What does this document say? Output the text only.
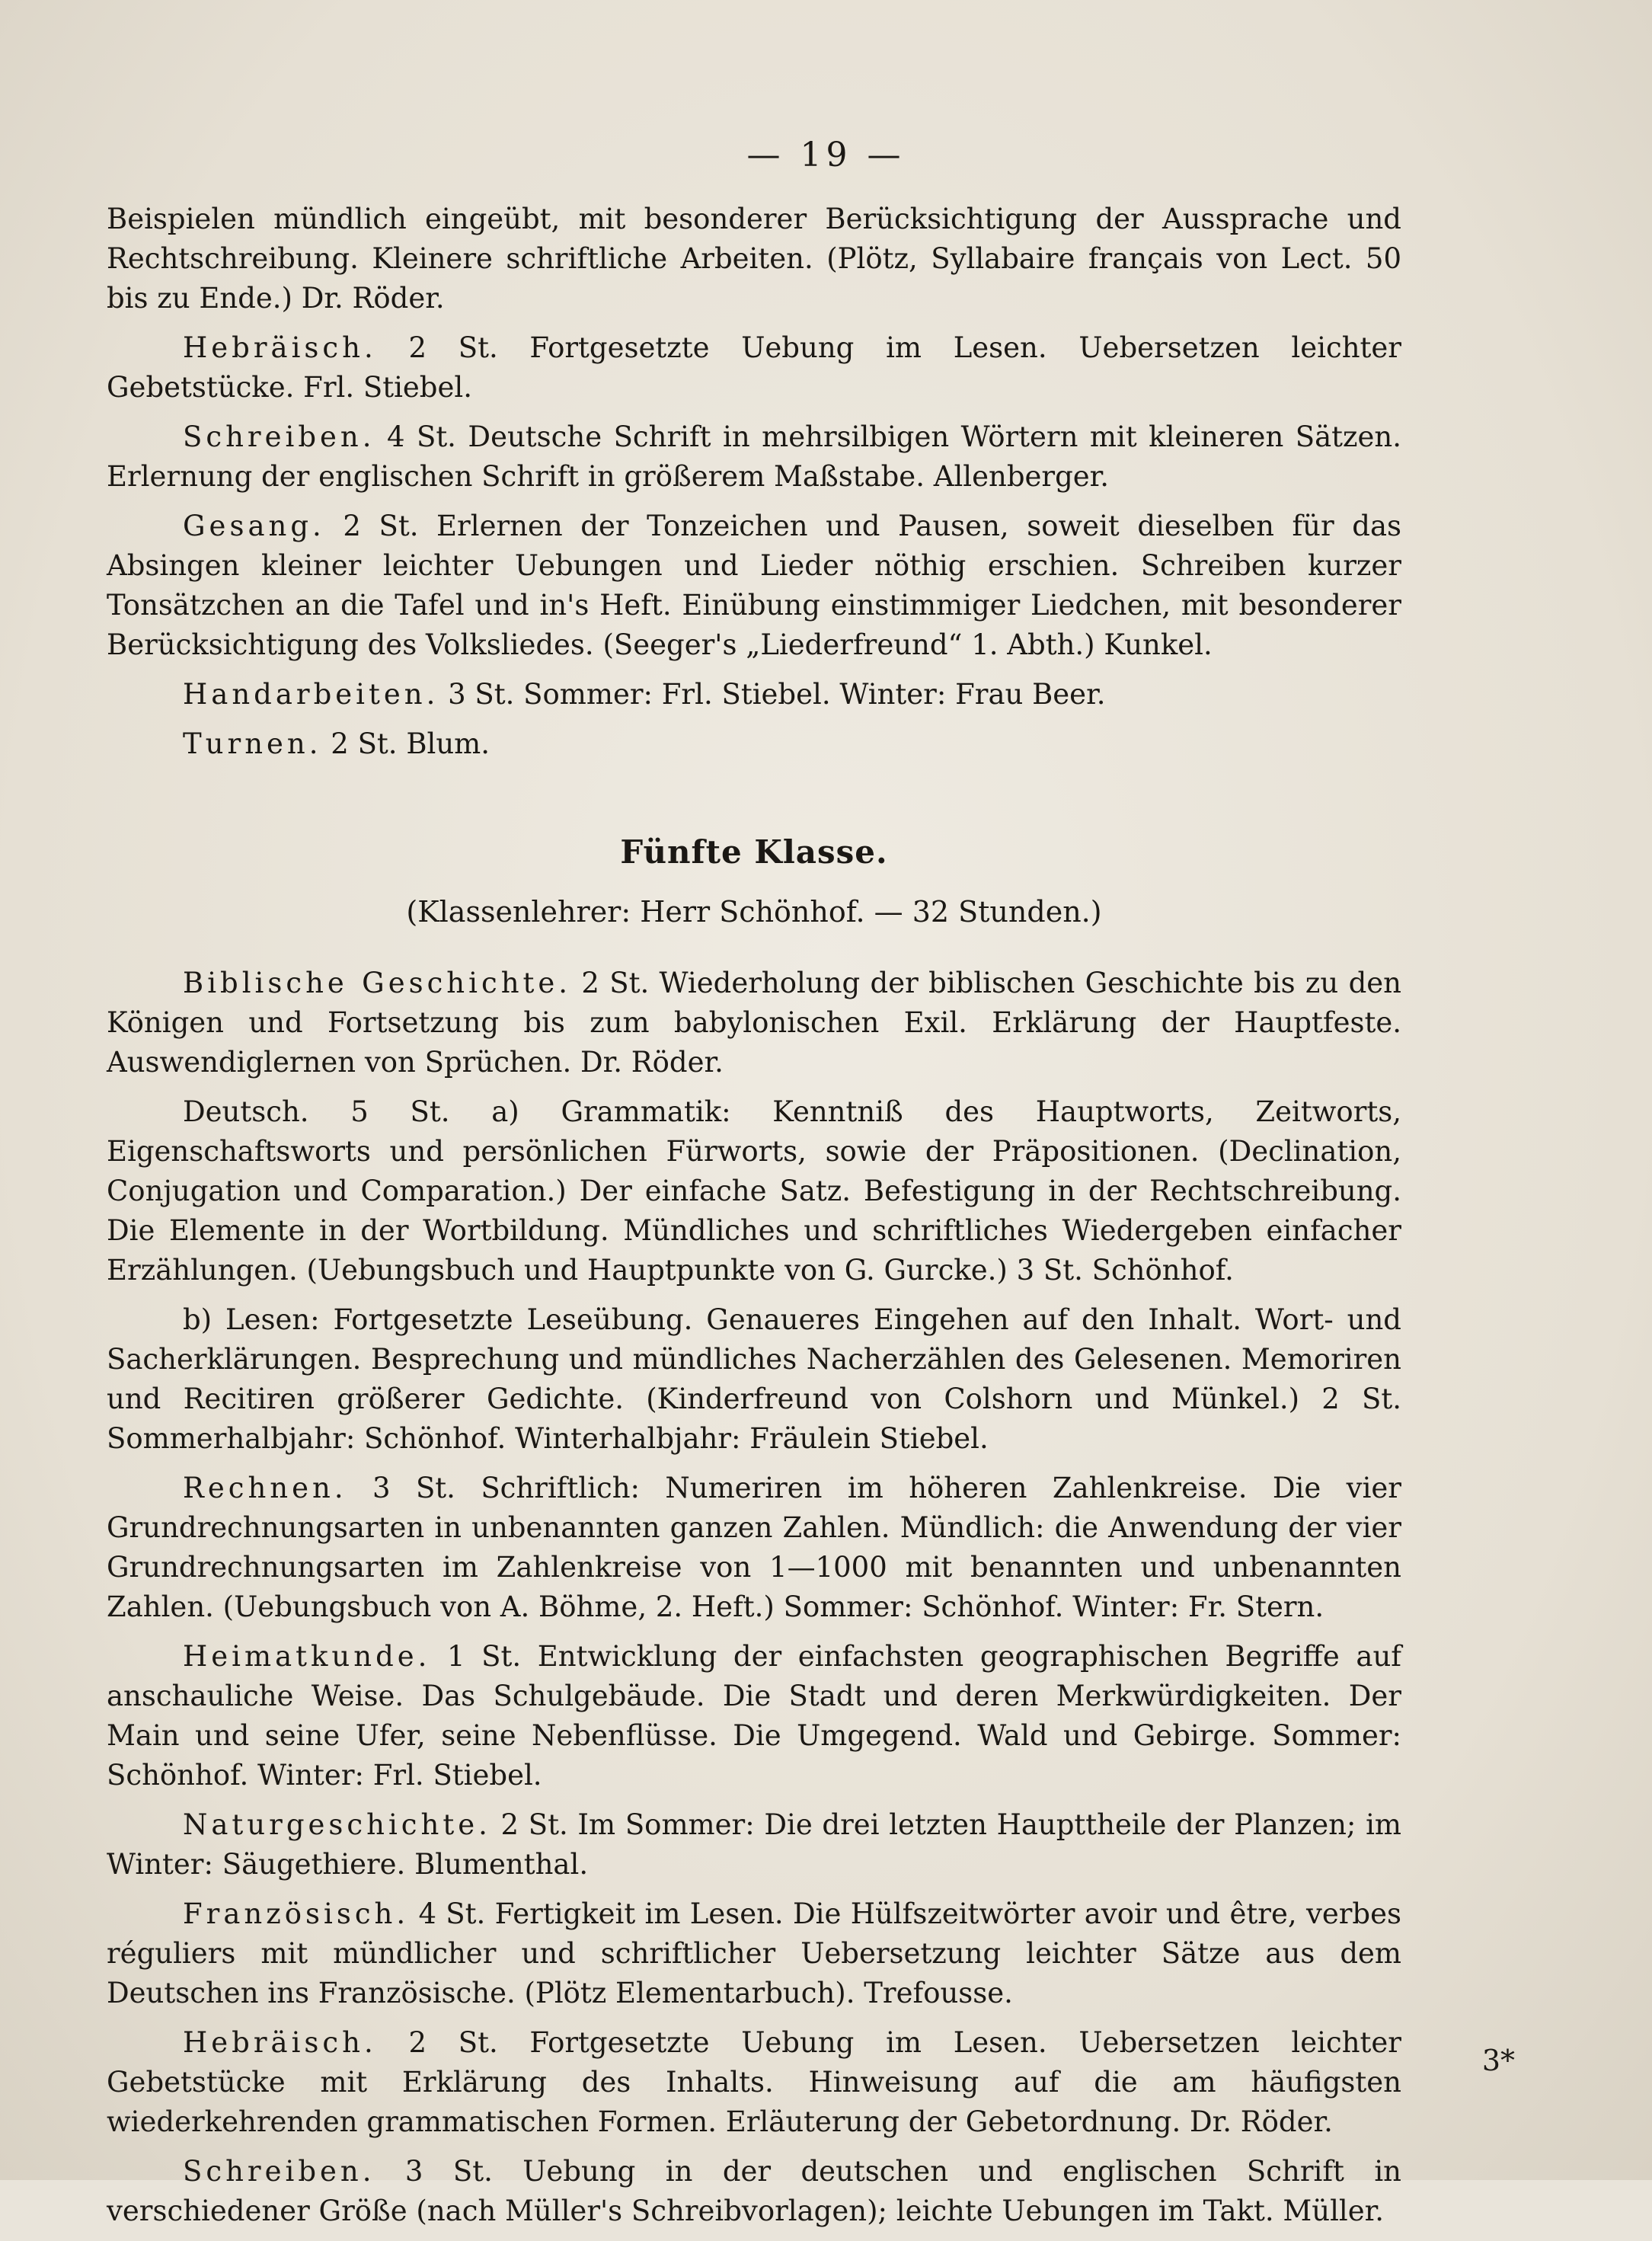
— 19 —

Beispielen mündlich eingeübt, mit besonderer Berücksichtigung der Aussprache und Rechtschreibung. Kleinere schriftliche Arbeiten. (Plötz, Syllabaire français von Lect. 50 bis zu Ende.) Dr. Röder.

Hebräisch. 2 St. Fortgesetzte Uebung im Lesen. Uebersetzen leichter Gebetstücke. Frl. Stiebel.

Schreiben. 4 St. Deutsche Schrift in mehrsilbigen Wörtern mit kleineren Sätzen. Erlernung der englischen Schrift in größerem Maßstabe. Allenberger.

Gesang. 2 St. Erlernen der Tonzeichen und Pausen, soweit dieselben für das Absingen kleiner leichter Uebungen und Lieder nöthig erschien. Schreiben kurzer Tonsätzchen an die Tafel und in's Heft. Einübung einstimmiger Liedchen, mit besonderer Berücksichtigung des Volksliedes. (Seeger's „Liederfreund“ 1. Abth.) Kunkel.

Handarbeiten. 3 St. Sommer: Frl. Stiebel. Winter: Frau Beer.

Turnen. 2 St. Blum.

Fünfte Klasse.
(Klassenlehrer: Herr Schönhof. — 32 Stunden.)

Biblische Geschichte. 2 St. Wiederholung der biblischen Geschichte bis zu den Königen und Fortsetzung bis zum babylonischen Exil. Erklärung der Hauptfeste. Auswendiglernen von Sprüchen. Dr. Röder.

Deutsch. 5 St. a) Grammatik: Kenntniß des Hauptworts, Zeitworts, Eigenschaftsworts und persönlichen Fürworts, sowie der Präpositionen. (Declination, Conjugation und Comparation.) Der einfache Satz. Befestigung in der Rechtschreibung. Die Elemente in der Wortbildung. Mündliches und schriftliches Wiedergeben einfacher Erzählungen. (Uebungsbuch und Hauptpunkte von G. Gurcke.) 3 St. Schönhof.

b) Lesen: Fortgesetzte Leseübung. Genaueres Eingehen auf den Inhalt. Wort- und Sacherklärungen. Besprechung und mündliches Nacherzählen des Gelesenen. Memoriren und Recitiren größerer Gedichte. (Kinderfreund von Colshorn und Münkel.) 2 St. Sommerhalbjahr: Schönhof. Winterhalbjahr: Fräulein Stiebel.

Rechnen. 3 St. Schriftlich: Numeriren im höheren Zahlenkreise. Die vier Grundrechnungsarten in unbenannten ganzen Zahlen. Mündlich: die Anwendung der vier Grundrechnungsarten im Zahlenkreise von 1—1000 mit benannten und unbenannten Zahlen. (Uebungsbuch von A. Böhme, 2. Heft.) Sommer: Schönhof. Winter: Fr. Stern.

Heimatkunde. 1 St. Entwicklung der einfachsten geographischen Begriffe auf anschauliche Weise. Das Schulgebäude. Die Stadt und deren Merkwürdigkeiten. Der Main und seine Ufer, seine Nebenflüsse. Die Umgegend. Wald und Gebirge. Sommer: Schönhof. Winter: Frl. Stiebel.

Naturgeschichte. 2 St. Im Sommer: Die drei letzten Haupttheile der Planzen; im Winter: Säugethiere. Blumenthal.

Französisch. 4 St. Fertigkeit im Lesen. Die Hülfszeitwörter avoir und être, verbes réguliers mit mündlicher und schriftlicher Uebersetzung leichter Sätze aus dem Deutschen ins Französische. (Plötz Elementarbuch). Trefousse.

Hebräisch. 2 St. Fortgesetzte Uebung im Lesen. Uebersetzen leichter Gebetstücke mit Erklärung des Inhalts. Hinweisung auf die am häufigsten wiederkehrenden grammatischen Formen. Erläuterung der Gebetordnung. Dr. Röder.

Schreiben. 3 St. Uebung in der deutschen und englischen Schrift in verschiedener Größe (nach Müller's Schreibvorlagen); leichte Uebungen im Takt. Müller.

3*
